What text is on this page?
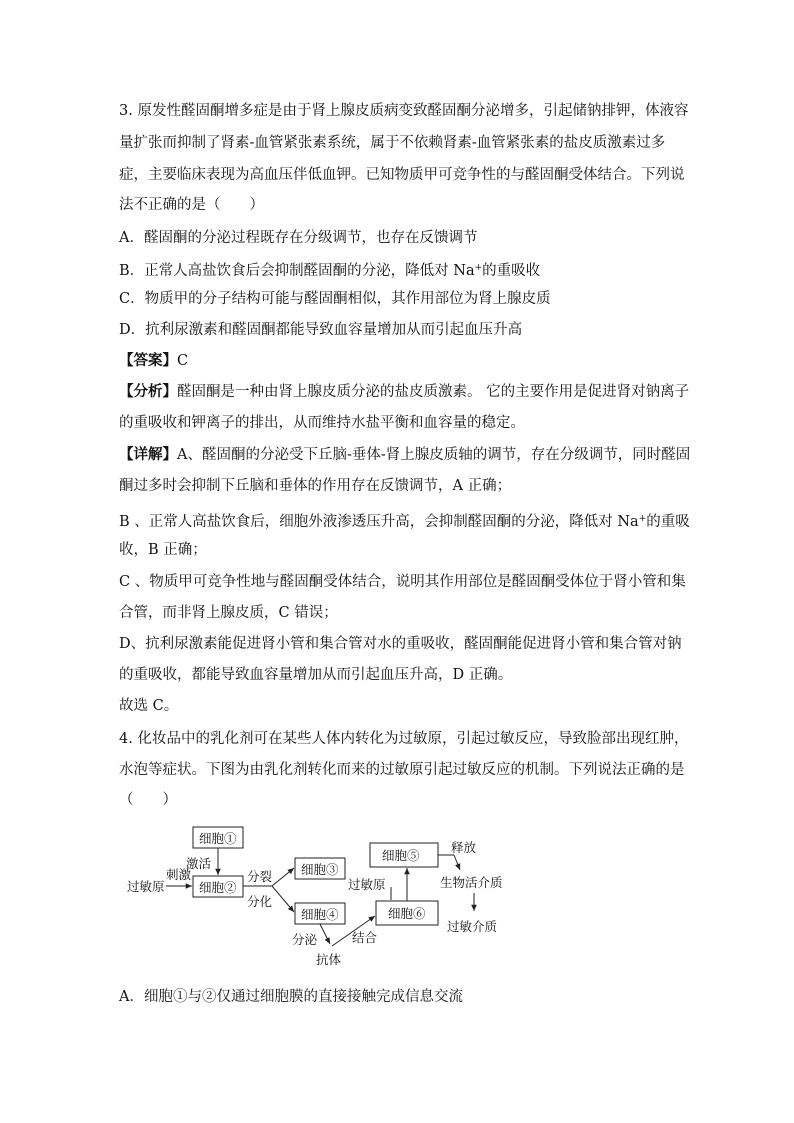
3. 原发性醛固酮增多症是由于肾上腺皮质病变致醛固酮分泌增多，引起储钠排钾，体液容
量扩张而抑制了肾素-血管紧张素系统，属于不依赖肾素-血管紧张素的盐皮质激素过多
症，主要临床表现为高血压伴低血钾。已知物质甲可竞争性的与醛固酮受体结合。下列说
法不正确的是（　　）
A．醛固酮的分泌过程既存在分级调节，也存在反馈调节
B．正常人高盐饮食后会抑制醛固酮的分泌，降低对 Na+的重吸收
C．物质甲的分子结构可能与醛固酮相似，其作用部位为肾上腺皮质
D．抗利尿激素和醛固酮都能导致血容量增加从而引起血压升高
【答案】C
【分析】醛固酮是一种由肾上腺皮质分泌的盐皮质激素。 它的主要作用是促进肾对钠离子
的重吸收和钾离子的排出，从而维持水盐平衡和血容量的稳定。
【详解】A、醛固酮的分泌受下丘脑-垂体-肾上腺皮质轴的调节，存在分级调节，同时醛固
酮过多时会抑制下丘脑和垂体的作用存在反馈调节，A 正确；
B 、正常人高盐饮食后，细胞外液渗透压升高，会抑制醛固酮的分泌，降低对 Na+的重吸
收，B 正确；
C 、物质甲可竞争性地与醛固酮受体结合，说明其作用部位是醛固酮受体位于肾小管和集
合管，而非肾上腺皮质，C 错误；
D、抗利尿激素能促进肾小管和集合管对水的重吸收，醛固酮能促进肾小管和集合管对钠
的重吸收，都能导致血容量增加从而引起血压升高，D 正确。
故选 C。
4. 化妆品中的乳化剂可在某些人体内转化为过敏原，引起过敏反应，导致脸部出现红肿，
水泡等症状。下图为由乳化剂转化而来的过敏原引起过敏反应的机制。下列说法正确的是
（　　）
细胞①
细胞②
细胞③
细胞④
细胞⑤
细胞⑥
激活
过敏原
刺激	分裂
分化
分泌
抗体
结合
过敏原
释放
生物活介质
过敏介质
A．细胞①与②仅通过细胞膜的直接接触完成信息交流
